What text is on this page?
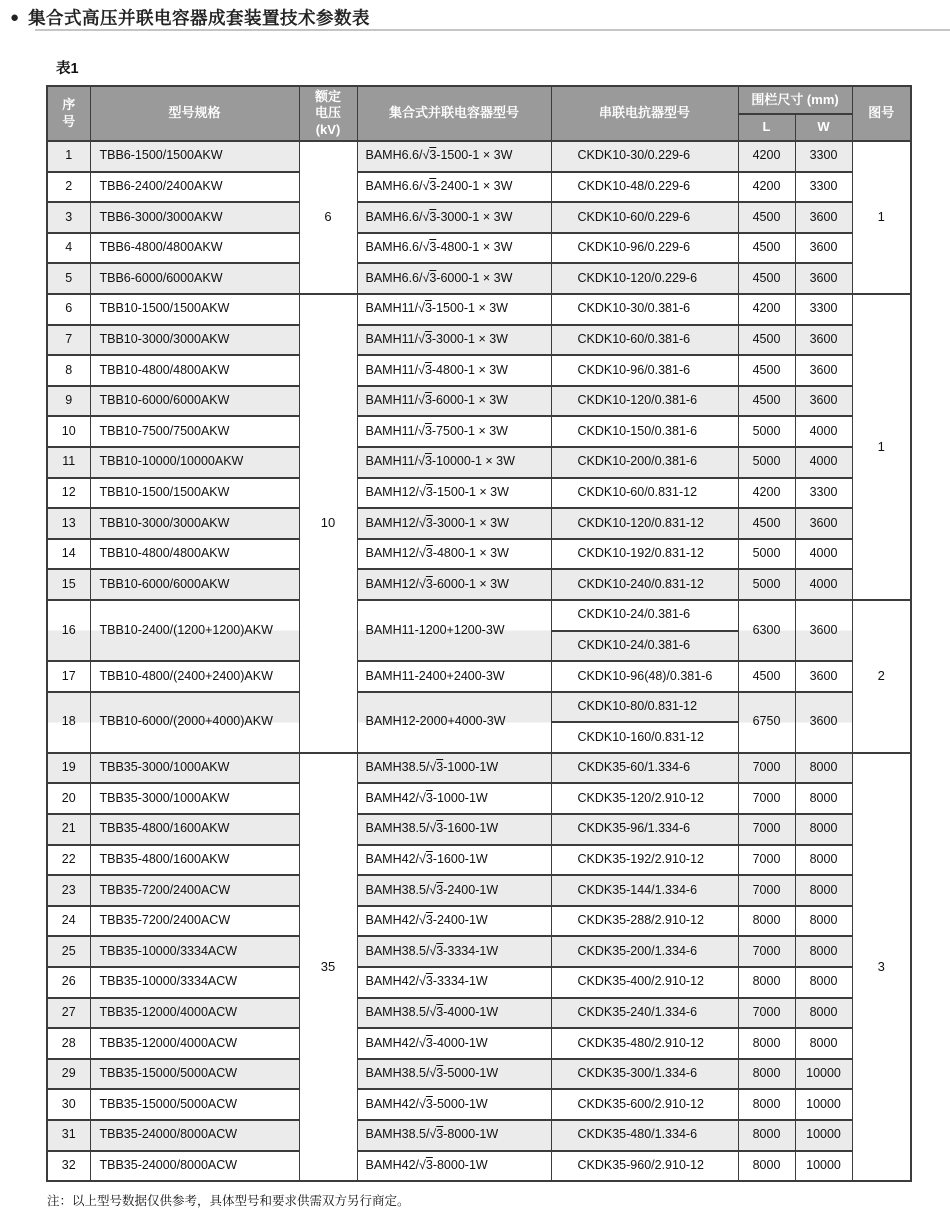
● 集合式高压并联电容器成套装置技术参数表
表1
序
号	型号规格	额定
电压
(kV)	集合式并联电容器型号	串联电抗器型号	围栏尺寸 (mm)		图号
					L	W	
1	TBB6-1500/1500AKW	6	BAMH6.6/√3-1500-1 × 3W	CKDK10-30/0.229-6	4200	3300	1
2	TBB6-2400/2400AKW		BAMH6.6/√3-2400-1 × 3W	CKDK10-48/0.229-6	4200	3300	
3	TBB6-3000/3000AKW		BAMH6.6/√3-3000-1 × 3W	CKDK10-60/0.229-6	4500	3600	
4	TBB6-4800/4800AKW		BAMH6.6/√3-4800-1 × 3W	CKDK10-96/0.229-6	4500	3600	
5	TBB6-6000/6000AKW		BAMH6.6/√3-6000-1 × 3W	CKDK10-120/0.229-6	4500	3600	
6	TBB10-1500/1500AKW	10	BAMH11/√3-1500-1 × 3W	CKDK10-30/0.381-6	4200	3300	1
7	TBB10-3000/3000AKW		BAMH11/√3-3000-1 × 3W	CKDK10-60/0.381-6	4500	3600	
8	TBB10-4800/4800AKW		BAMH11/√3-4800-1 × 3W	CKDK10-96/0.381-6	4500	3600	
9	TBB10-6000/6000AKW		BAMH11/√3-6000-1 × 3W	CKDK10-120/0.381-6	4500	3600	
10	TBB10-7500/7500AKW		BAMH11/√3-7500-1 × 3W	CKDK10-150/0.381-6	5000	4000	
11	TBB10-10000/10000AKW		BAMH11/√3-10000-1 × 3W	CKDK10-200/0.381-6	5000	4000	
12	TBB10-1500/1500AKW		BAMH12/√3-1500-1 × 3W	CKDK10-60/0.831-12	4200	3300	
13	TBB10-3000/3000AKW		BAMH12/√3-3000-1 × 3W	CKDK10-120/0.831-12	4500	3600	
14	TBB10-4800/4800AKW		BAMH12/√3-4800-1 × 3W	CKDK10-192/0.831-12	5000	4000	
15	TBB10-6000/6000AKW		BAMH12/√3-6000-1 × 3W	CKDK10-240/0.831-12	5000	4000	
16	TBB10-2400/(1200+1200)AKW		BAMH11-1200+1200-3W	CKDK10-24/0.381-6	6300	3600	2
				CKDK10-24/0.381-6			
17	TBB10-4800/(2400+2400)AKW		BAMH11-2400+2400-3W	CKDK10-96(48)/0.381-6	4500	3600	
18	TBB10-6000/(2000+4000)AKW		BAMH12-2000+4000-3W	CKDK10-80/0.831-12	6750	3600	
				CKDK10-160/0.831-12			
19	TBB35-3000/1000AKW	35	BAMH38.5/√3-1000-1W	CKDK35-60/1.334-6	7000	8000	3
20	TBB35-3000/1000AKW		BAMH42/√3-1000-1W	CKDK35-120/2.910-12	7000	8000	
21	TBB35-4800/1600AKW		BAMH38.5/√3-1600-1W	CKDK35-96/1.334-6	7000	8000	
22	TBB35-4800/1600AKW		BAMH42/√3-1600-1W	CKDK35-192/2.910-12	7000	8000	
23	TBB35-7200/2400ACW		BAMH38.5/√3-2400-1W	CKDK35-144/1.334-6	7000	8000	
24	TBB35-7200/2400ACW		BAMH42/√3-2400-1W	CKDK35-288/2.910-12	8000	8000	
25	TBB35-10000/3334ACW		BAMH38.5/√3-3334-1W	CKDK35-200/1.334-6	7000	8000	
26	TBB35-10000/3334ACW		BAMH42/√3-3334-1W	CKDK35-400/2.910-12	8000	8000	
27	TBB35-12000/4000ACW		BAMH38.5/√3-4000-1W	CKDK35-240/1.334-6	7000	8000	
28	TBB35-12000/4000ACW		BAMH42/√3-4000-1W	CKDK35-480/2.910-12	8000	8000	
29	TBB35-15000/5000ACW		BAMH38.5/√3-5000-1W	CKDK35-300/1.334-6	8000	10000	
30	TBB35-15000/5000ACW		BAMH42/√3-5000-1W	CKDK35-600/2.910-12	8000	10000	
31	TBB35-24000/8000ACW		BAMH38.5/√3-8000-1W	CKDK35-480/1.334-6	8000	10000	
32	TBB35-24000/8000ACW		BAMH42/√3-8000-1W	CKDK35-960/2.910-12	8000	10000	
注：以上型号数据仅供参考，具体型号和要求供需双方另行商定。
